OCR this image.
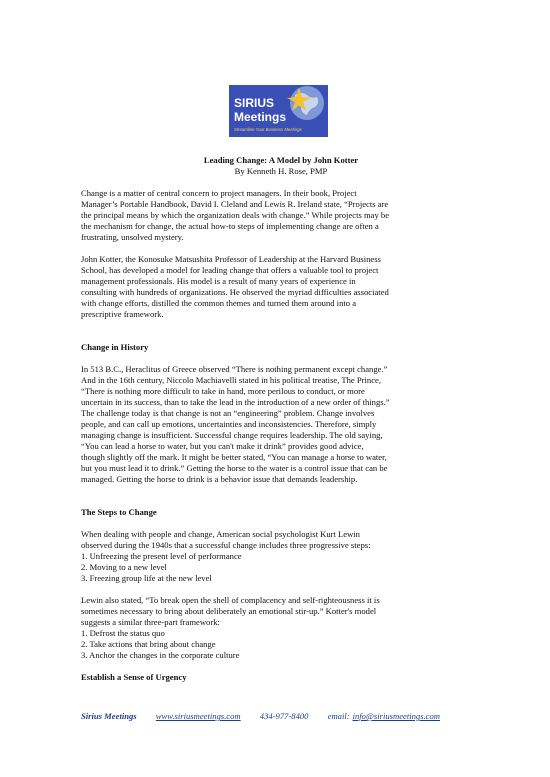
SIRIUS
Meetings
Streamline Your Business Meetings

Leading Change: A Model by John Kotter

By Kenneth H. Rose, PMP

Change is a matter of central concern to project managers. In their book, Project

Manager’s Portable Handbook, David I. Cleland and Lewis R. Ireland state, “Projects are

the principal means by which the organization deals with change.” While projects may be

the mechanism for change, the actual how-to steps of implementing change are often a

frustrating, unsolved mystery.

John Kotter, the Konosuke Matsushita Professor of Leadership at the Harvard Business

School, has developed a model for leading change that offers a valuable tool to project

management professionals. His model is a result of many years of experience in

consulting with hundreds of organizations. He observed the myriad difficulties associated

with change efforts, distilled the common themes and turned them around into a

prescriptive framework.

Change in History

In 513 B.C., Heraclitus of Greece observed “There is nothing permanent except change.”

And in the 16th century, Niccolo Machiavelli stated in his political treatise, The Prince,

“There is nothing more difficult to take in hand, more perilous to conduct, or more

uncertain in its success, than to take the lead in the introduction of a new order of things.”

The challenge today is that change is not an “engineering” problem. Change involves

people, and can call up emotions, uncertainties and inconsistencies. Therefore, simply

managing change is insufficient. Successful change requires leadership. The old saying,

“You can lead a horse to water, but you can't make it drink” provides good advice,

though slightly off the mark. It might be better stated, “You can manage a horse to water,

but you must lead it to drink.” Getting the horse to the water is a control issue that can be

managed. Getting the horse to drink is a behavior issue that demands leadership.

The Steps to Change

When dealing with people and change, American social psychologist Kurt Lewin

observed during the 1940s that a successful change includes three progressive steps:

1. Unfreezing the present level of performance

2. Moving to a new level

3. Freezing group life at the new level

Lewin also stated, “To break open the shell of complacency and self-righteousness it is

sometimes necessary to bring about deliberately an emotional stir-up.” Kotter's model

suggests a similar three-part framework:

1. Defrost the status quo

2. Take actions that bring about change

3. Anchor the changes in the corporate culture

Establish a Sense of Urgency

Sirius Meetings www.siriusmeetings.com 434-977-8400 email: info@siriusmeetings.com
